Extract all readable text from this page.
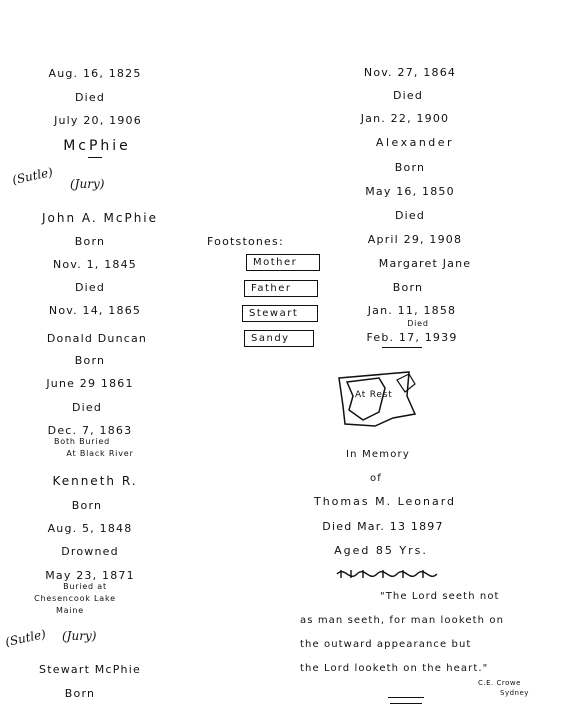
Aug. 16, 1825
Died
July 20, 1906
McPhie
(Sutle) (Jury)
John A. McPhie
Born
Nov. 1, 1845
Died
Nov. 14, 1865
Donald Duncan
Born
June 29 1861
Died
Dec. 7, 1863
Both Buried
At Black River
Kenneth R.
Born
Aug. 5, 1848
Drowned
May 23, 1871
Buried at
Chesencook Lake
Maine
(Sutle) (Jury)
Stewart McPhie
Born
Footstones:
Mother
Father
Stewart
Sandy
Nov. 27, 1864
Died
Jan. 22, 1900
Alexander
Born
May 16, 1850
Died
April 29, 1908
Margaret Jane
Born
Jan. 11, 1858
Died
Feb. 17, 1939
At Rest
In Memory
of
Thomas M. Leonard
Died Mar. 13 1897
Aged 85 Yrs.
"The Lord seeth not
as man seeth, for man looketh on
the outward appearance but
the Lord looketh on the heart."
C.E. Crowe
Sydney
